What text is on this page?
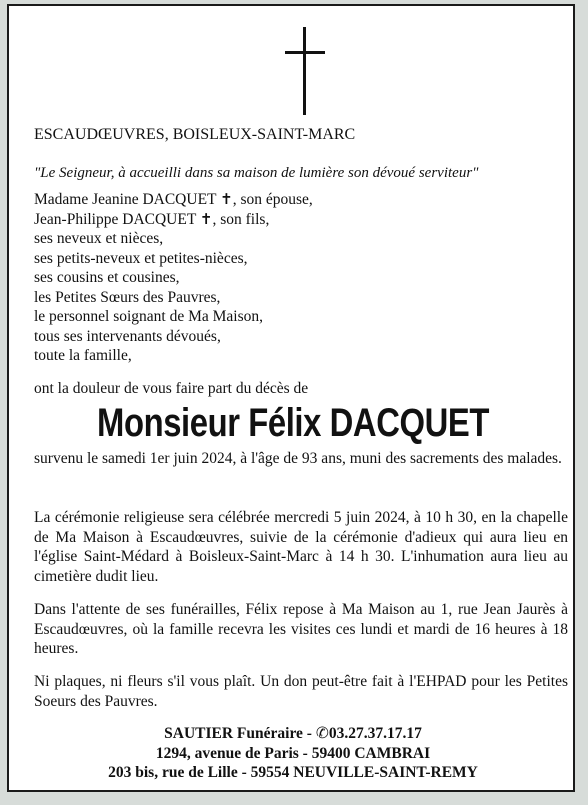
ESCAUDŒUVRES, BOISLEUX-SAINT-MARC
"Le Seigneur, à accueilli dans sa maison de lumière son dévoué serviteur"
Madame Jeanine DACQUET ✝, son épouse,
Jean-Philippe DACQUET ✝, son fils,
ses neveux et nièces,
ses petits-neveux et petites-nièces,
ses cousins et cousines,
les Petites Sœurs des Pauvres,
le personnel soignant de Ma Maison,
tous ses intervenants dévoués,
toute la famille,
ont la douleur de vous faire part du décès de
Monsieur Félix DACQUET
survenu le samedi 1er juin 2024, à l'âge de 93 ans, muni des sacrements des malades.
La cérémonie religieuse sera célébrée mercredi 5 juin 2024, à 10 h 30, en la chapelle de Ma Maison à Escaudœuvres, suivie de la cérémonie d'adieux qui aura lieu en l'église Saint-Médard à Boisleux-Saint-Marc à 14 h 30. L'inhumation aura lieu au cimetière dudit lieu.
Dans l'attente de ses funérailles, Félix repose à Ma Maison au 1, rue Jean Jaurès à Escaudœuvres, où la famille recevra les visites ces lundi et mardi de 16 heures à 18 heures.
Ni plaques, ni fleurs s'il vous plaît. Un don peut-être fait à l'EHPAD pour les Petites Soeurs des Pauvres.
SAUTIER Funéraire - ✆03.27.37.17.17
1294, avenue de Paris - 59400 CAMBRAI
203 bis, rue de Lille - 59554 NEUVILLE-SAINT-REMY
